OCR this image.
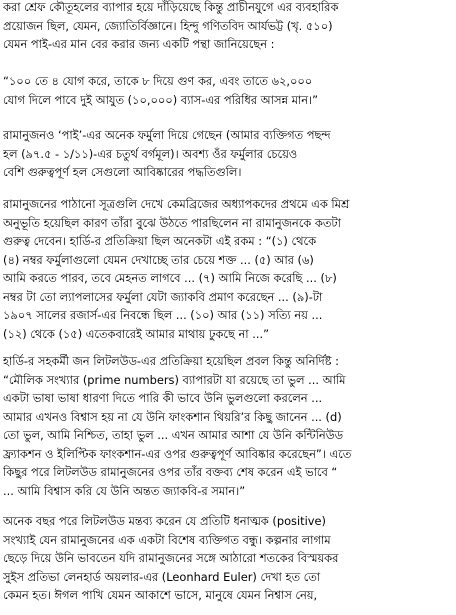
করা শ্রেফ কৌতূহলের ব্যাপার হয়ে দাঁড়িয়েছে কিন্তু প্রাচীনযুগে এর ব্যবহারিক
প্রয়োজন ছিল, যেমন, জ্যোতির্বিজ্ঞানে। হিন্দু গণিতবিদ আর্যভট্ট (খৃ. ৫১০)
যেমন পাই-এর মান বের করার জন্য একটি পন্থা জানিয়েছেন :
“১০০ তে ৪ যোগ করে, তাকে ৮ দিয়ে গুণ কর, এবং তাতে ৬২,০০০
যোগ দিলে পাবে দুই আযুত (১০,০০০) ব্যাস-এর পরিধির আসন্ন মান।”
রামানুজনও ‘পাই’-এর অনেক ফর্মুলা দিয়ে গেছেন (আমার ব্যক্তিগত পছন্দ
হল (৯৭.৫ - ১/১১)-এর চতুর্থ বর্গমূল)। অবশ্য ওঁর ফর্মুলার চেয়েও
বেশি গুরুত্বপূর্ণ হল সেগুলো আবিষ্কারের পদ্ধতিগুলি।
রামানুজনের পাঠানো সূত্রগুলি দেখে কেমব্রিজের অধ্যাপকদের প্রথমে এক মিশ্র
অনুভূতি হয়েছিল কারণ তাঁরা বুঝে উঠতে পারছিলেন না রামানুজনকে কতটা
গুরুত্ব দেবেন। হার্ডি-র প্রতিক্রিয়া ছিল অনেকটা এই রকম : “(১) থেকে
(৪) নম্বর ফর্মুলাগুলো যেমন দেখাচ্ছে তার চেয়ে শক্ত ... (৫) আর (৬)
আমি করতে পারব, তবে মেহনত লাগবে ... (৭) আমি নিজে করেছি ... (৮)
নম্বর টা তো ল্যাপলাসের ফর্মুলা যেটা জ্যাকবি প্রমাণ করেছেন ... (৯)-টা
১৯০৭ সালের রজার্স-এর নিবন্ধে ছিল ... (১০) আর (১১) সত্যি নয় ...
(১২) থেকে (১৫) এতেকবারেই আমার মাথায় ঢুকছে না ...”
হার্ডি-র সহকর্মী জন লিটলউড-এর প্রতিক্রিয়া হয়েছিল প্রবল কিন্তু অনির্দিষ্ট :
“মৌলিক সংখ্যার (prime numbers) ব্যাপারটা যা রয়েছে তা ভুল ... আমি
একটা ভাষা ভাষা ধারণা দিতে পারি কী ভাবে উনি ভুলগুলো করলেন ...
আমার এখনও বিশ্বাস হয় না যে উনি ফাংকশান থিয়রি’র কিছু জানেন ... (d)
তো ভুল, আমি নিশ্চিত, তাহা ভুল ... এখন আমার আশা যে উনি কন্টিনিউড
ফ্র্যাকশন ও ইলিপ্টিক ফাংকশান-এর ওপর গুরুত্বপূর্ণ আবিষ্কার করেছেন”। এতে
কিছুর পরে লিটলউড রামানুজনের ওপর তাঁর বক্তব্য শেষ করেন এই ভাবে “
... আমি বিশ্বাস করি যে উনি অন্তত জ্যাকবি-র সমান।”
অনেক বছর পরে লিটলউড মন্তব্য করেন যে প্রতিটি ধনাত্মক (positive)
সংখ্যাই যেন রামানুজনের এক একটা বিশেষ ব্যক্তিগত বন্ধু। কল্পনার লাগাম
ছেড়ে দিয়ে উনি ভাবতেন যদি রামানুজনের সঙ্গে আঠারো শতকের বিস্ময়কর
সুইস প্রতিভা লেনহার্ড অয়লার-এর (Leonhard Euler) দেখা হত তো
কেমন হত। ঈগল পাখি যেমন আকাশে ভাসে, মানুষে যেমন নিশ্বাস নেয়,
